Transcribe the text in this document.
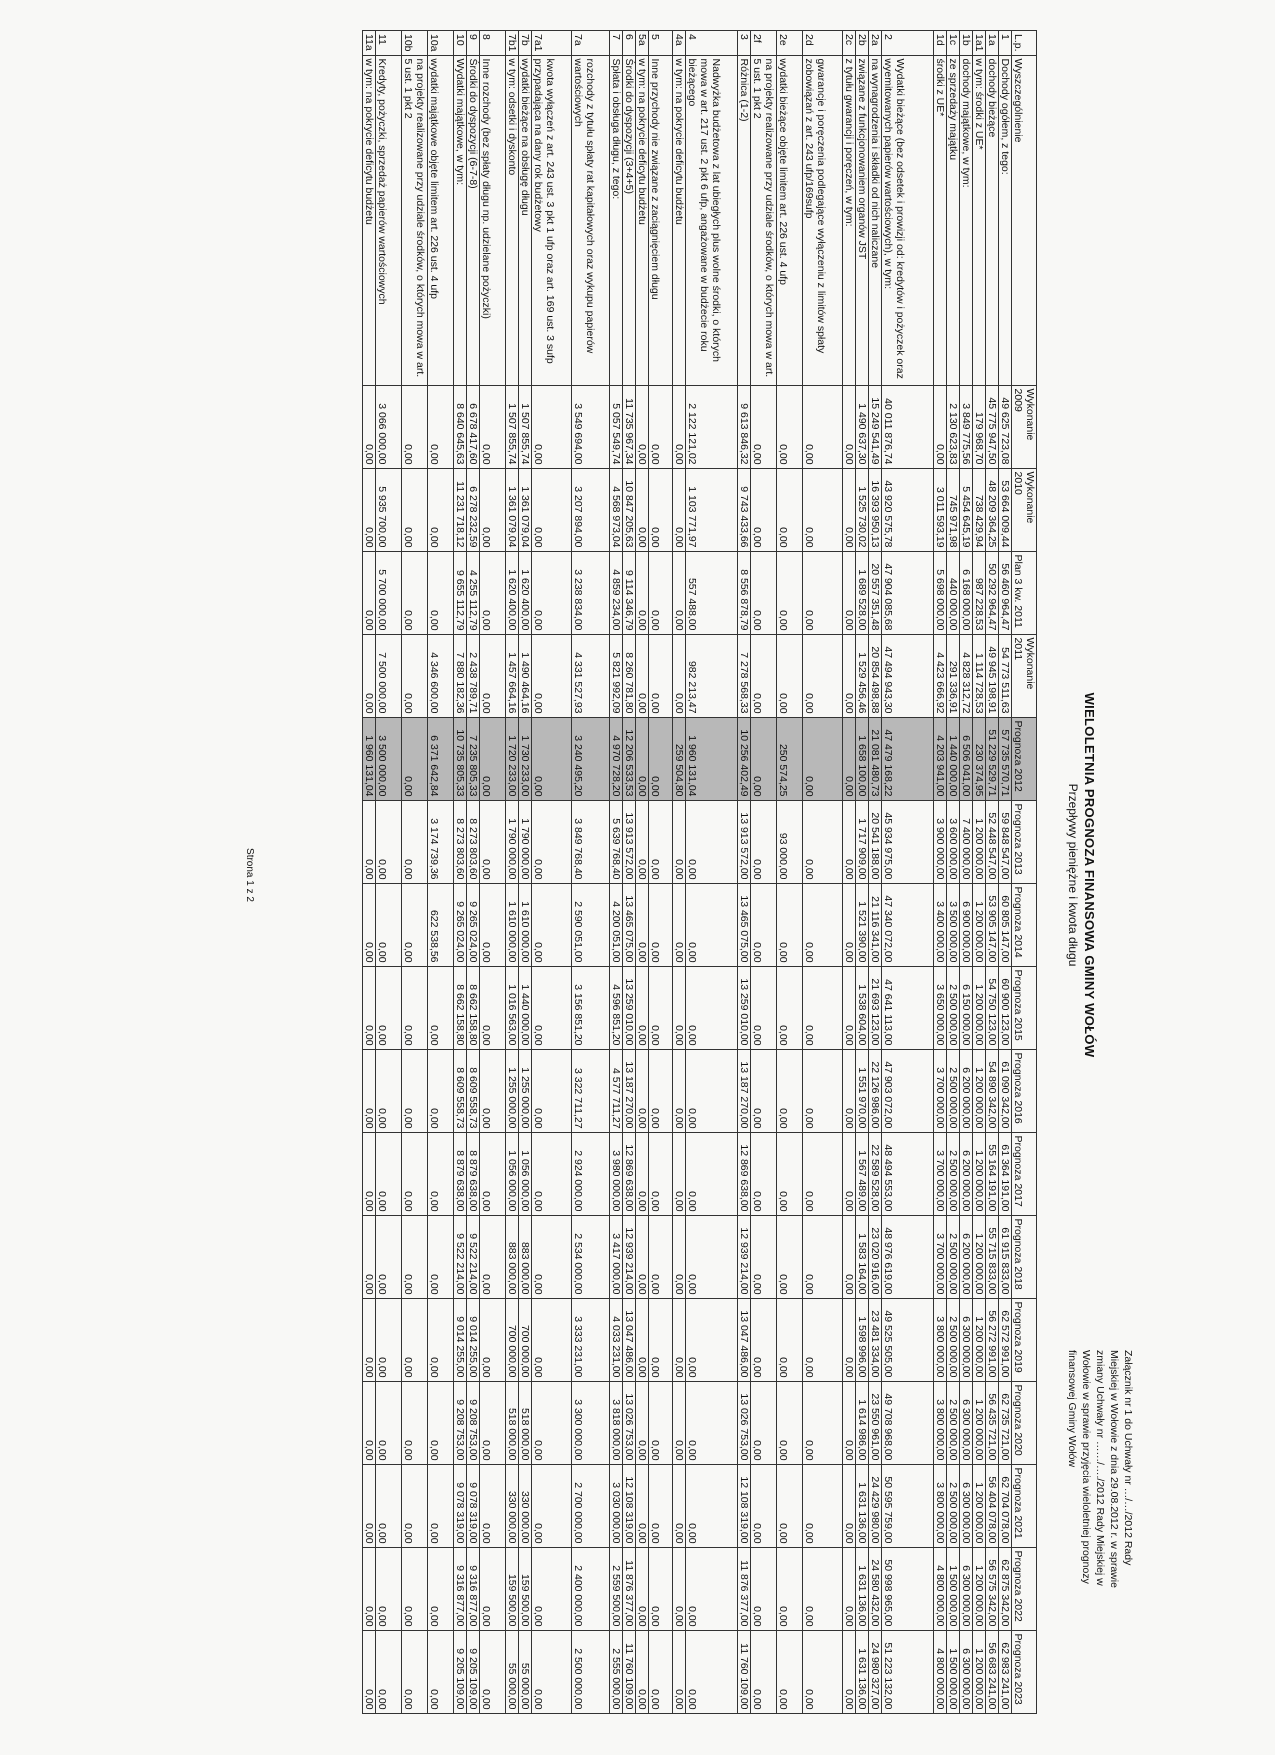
WIELOLETNIA PROGNOZA FINANSOWA GMINY WOŁÓW
Przepływy pieniężne i kwota długu
Załącznik nr 1 do Uchwały nr …/…/2012 Rady
Miejskiej w Wołowie z dnia 29.08.2012 r. w sprawie
zmiany Uchwały nr ……/…./2012 Rady Miejskiej w
Wołowie w sprawie przyjęcia wieloletniej prognozy
finansowej Gminy Wołów
L.p.	Wyszczególnienie	Wykonanie 2009	Wykonanie 2010	Plan 3 kw. 2011	Wykonanie 2011	Prognoza 2012	Prognoza 2013	Prognoza 2014	Prognoza 2015	Prognoza 2016	Prognoza 2017	Prognoza 2018	Prognoza 2019	Prognoza 2020	Prognoza 2021	Prognoza 2022	Prognoza 2023
1	Dochody ogółem, z tego:	49 625 723,08	53 664 009,44	56 460 964,47	54 773 511,63	57 735 570,71	59 848 547,00	60 805 147,00	60 900 123,00	61 090 342,00	61 364 191,00	61 915 833,00	62 572 991,00	62 735 721,00	62 704 078,00	62 875 342,00	62 983 241,00
1a	dochody bieżące	45 775 947,50	48 209 364,25	50 292 964,47	49 945 198,91	51 229 529,71	52 448 547,00	53 905 147,00	54 750 123,00	54 890 342,00	55 164 191,00	55 715 833,00	56 272 991,00	56 435 721,00	56 404 078,00	56 575 342,00	56 683 241,00
1a1	w tym: środki z UE*	179 968,70	738 429,94	987 228,53	1 114 728,53	230 374,95	1 200 000,00	1 200 000,00	1 200 000,00	1 200 000,00	1 200 000,00	1 200 000,00	1 200 000,00	1 200 000,00	1 200 000,00	1 200 000,00	1 200 000,00
1b	dochody majątkowe, w tym:	3 849 775,56	5 454 645,19	6 168 000,00	4 828 312,72	6 506 041,00	7 400 000,00	6 900 000,00	6 150 000,00	6 200 000,00	6 200 000,00	6 200 000,00	6 300 000,00	6 300 000,00	6 300 000,00	6 300 000,00	6 300 000,00
1c	ze sprzedaży majątku	2 130 623,83	745 971,98	440 000,00	291 336,91	1 440 000,00	3 600 000,00	3 500 000,00	2 500 000,00	2 500 000,00	2 500 000,00	2 500 000,00	2 500 000,00	2 500 000,00	2 500 000,00	1 500 000,00	1 500 000,00
1d	środki z UE*	0,00	3 011 593,19	5 698 000,00	4 423 666,92	4 203 941,00	3 900 000,00	3 400 000,00	3 650 000,00	3 700 000,00	3 700 000,00	3 700 000,00	3 800 000,00	3 800 000,00	3 800 000,00	4 800 000,00	4 800 000,00
2	Wydatki bieżące (bez odsetek i prowizji od: kredytów i pożyczek oraz wyemitowanych papierów wartościowych), w tym:	40 011 876,74	43 920 575,78	47 904 085,68	47 494 943,30	47 479 168,22	45 934 975,00	47 340 072,00	47 641 113,00	47 903 072,00	48 494 553,00	48 976 619,00	49 525 505,00	49 708 968,00	50 595 759,00	50 998 965,00	51 223 132,00
2a	na wynagrodzenia i składki od nich naliczane	15 249 541,49	16 393 950,13	20 557 351,48	20 854 498,88	21 081 480,73	20 541 188,00	21 116 341,00	21 693 123,00	22 126 986,00	22 589 528,00	23 020 916,00	23 481 334,00	23 550 961,00	24 429 980,00	24 580 432,00	24 980 327,00
2b	związane z funkcjonowaniem organów JST	1 490 637,30	1 525 730,02	1 689 528,00	1 529 456,46	1 658 100,00	1 717 909,00	1 521 390,00	1 538 604,00	1 551 970,00	1 567 489,00	1 583 164,00	1 598 996,00	1 614 986,00	1 631 136,00	1 631 136,00	1 631 136,00
2c	z tytułu gwarancji i poręczeń, w tym:	0,00	0,00	0,00	0,00	0,00	0,00	0,00	0,00	0,00	0,00	0,00	0,00	0,00	0,00	0,00	0,00
2d	gwarancje i poręczenia podlegające wyłączeniu z limitów spłaty zobowiązań z art. 243 ufp/169sufp	0,00	0,00	0,00	0,00	0,00	0,00	0,00	0,00	0,00	0,00	0,00	0,00	0,00	0,00	0,00	0,00
2e	wydatki bieżące objęte limitem art. 226 ust. 4 ufp	0,00	0,00	0,00	0,00	250 574,25	93 000,00	0,00	0,00	0,00	0,00	0,00	0,00	0,00	0,00	0,00	0,00
2f	na projekty realizowane przy udziale środków, o których mowa w art. 5 ust. 1 pkt 2	0,00	0,00	0,00	0,00	0,00	0,00	0,00	0,00	0,00	0,00	0,00	0,00	0,00	0,00	0,00	0,00
3	Różnica (1-2)	9 613 846,32	9 743 433,66	8 556 878,79	7 278 568,33	10 256 402,49	13 913 572,00	13 465 075,00	13 259 010,00	13 187 270,00	12 869 638,00	12 939 214,00	13 047 486,00	13 026 753,00	12 108 319,00	11 876 377,00	11 760 109,00
4	Nadwyżka budżetowa z lat ubiegłych plus wolne środki, o których mowa w art. 217 ust. 2 pkt 6 ufp, angażowane w budżecie roku bieżącego	2 122 121,02	1 103 771,97	557 488,00	982 213,47	1 960 131,04	0,00	0,00	0,00	0,00	0,00	0,00	0,00	0,00	0,00	0,00	0,00
4a	w tym: na pokrycie deficytu budżetu	0,00	0,00	0,00	0,00	259 504,80	0,00	0,00	0,00	0,00	0,00	0,00	0,00	0,00	0,00	0,00	0,00
5	Inne przychody nie związane z zaciągnięciem długu	0,00	0,00	0,00	0,00	0,00	0,00	0,00	0,00	0,00	0,00	0,00	0,00	0,00	0,00	0,00	0,00
5a	w tym: na pokrycie deficytu budżetu	0,00	0,00	0,00	0,00	0,00	0,00	0,00	0,00	0,00	0,00	0,00	0,00	0,00	0,00	0,00	0,00
6	Środki do dyspozycji (3+4+5)	11 735 967,34	10 847 205,63	9 114 346,79	8 260 781,80	12 206 533,53	13 913 572,00	13 465 075,00	13 259 010,00	13 187 270,00	12 869 638,00	12 939 214,00	13 047 486,00	13 026 753,00	12 108 319,00	11 876 377,00	11 760 109,00
7	Spłata i obsługa długu, z tego:	5 057 549,74	4 568 973,04	4 859 234,00	5 821 992,09	4 970 728,20	5 639 768,40	4 200 051,00	4 596 851,20	4 577 711,27	3 980 000,00	3 417 000,00	4 033 231,00	3 818 000,00	3 030 000,00	2 559 500,00	2 555 000,00
7a	rozchody z tytułu spłaty rat kapitałowych oraz wykupu papierów wartościowych	3 549 694,00	3 207 894,00	3 238 834,00	4 331 527,93	3 240 495,20	3 849 768,40	2 590 051,00	3 156 851,20	3 322 711,27	2 924 000,00	2 534 000,00	3 333 231,00	3 300 000,00	2 700 000,00	2 400 000,00	2 500 000,00
7a1	kwota wyłączeń z art. 243 ust. 3 pkt 1 ufp oraz art. 169 ust. 3 sufp przypadająca na dany rok budżetowy	0,00	0,00	0,00	0,00	0,00	0,00	0,00	0,00	0,00	0,00	0,00	0,00	0,00	0,00	0,00	0,00
7b	wydatki bieżące na obsługę długu	1 507 855,74	1 361 079,04	1 620 400,00	1 490 464,16	1 730 233,00	1 790 000,00	1 610 000,00	1 440 000,00	1 255 000,00	1 056 000,00	883 000,00	700 000,00	518 000,00	330 000,00	159 500,00	55 000,00
7b1	w tym: odsetki i dyskonto	1 507 855,74	1 361 079,04	1 620 400,00	1 457 664,16	1 720 233,00	1 790 000,00	1 610 000,00	1 016 563,00	1 255 000,00	1 056 000,00	883 000,00	700 000,00	518 000,00	330 000,00	159 500,00	55 000,00
8	Inne rozchody (bez spłaty długu np. udzielane pożyczki)	0,00	0,00	0,00	0,00	0,00	0,00	0,00	0,00	0,00	0,00	0,00	0,00	0,00	0,00	0,00	0,00
9	Środki do dyspozycji (6-7-8)	6 678 417,60	6 278 232,59	4 255 112,79	2 438 789,71	7 235 805,33	8 273 803,60	9 265 024,00	8 662 158,80	8 609 558,73	8 879 638,00	9 522 214,00	9 014 255,00	9 208 753,00	9 078 319,00	9 316 877,00	9 205 109,00
10	Wydatki majątkowe, w tym:	8 640 645,63	11 231 718,12	9 655 112,79	7 880 182,36	10 735 805,33	8 273 803,60	9 265 024,00	8 662 158,80	8 609 558,73	8 879 638,00	9 522 214,00	9 014 255,00	9 208 753,00	9 078 319,00	9 316 877,00	9 205 109,00
10a	wydatki majątkowe objęte limitem art. 226 ust. 4 ufp	0,00	0,00	0,00	4 346 600,00	6 371 642,84	3 174 739,36	622 538,56	0,00	0,00	0,00	0,00	0,00	0,00	0,00	0,00	0,00
10b	na projekty realizowane przy udziale środków, o których mowa w art. 5 ust. 1 pkt 2	0,00	0,00	0,00	0,00	0,00	0,00	0,00	0,00	0,00	0,00	0,00	0,00	0,00	0,00	0,00	0,00
11	Kredyty, pożyczki, sprzedaż papierów wartościowych	3 066 000,00	5 935 700,00	5 700 000,00	7 500 000,00	3 500 000,00	0,00	0,00	0,00	0,00	0,00	0,00	0,00	0,00	0,00	0,00	0,00
11a	w tym: na pokrycie deficytu budżetu	0,00	0,00	0,00	0,00	1 960 131,04	0,00	0,00	0,00	0,00	0,00	0,00	0,00	0,00	0,00	0,00	0,00
Strona 1 z 2
